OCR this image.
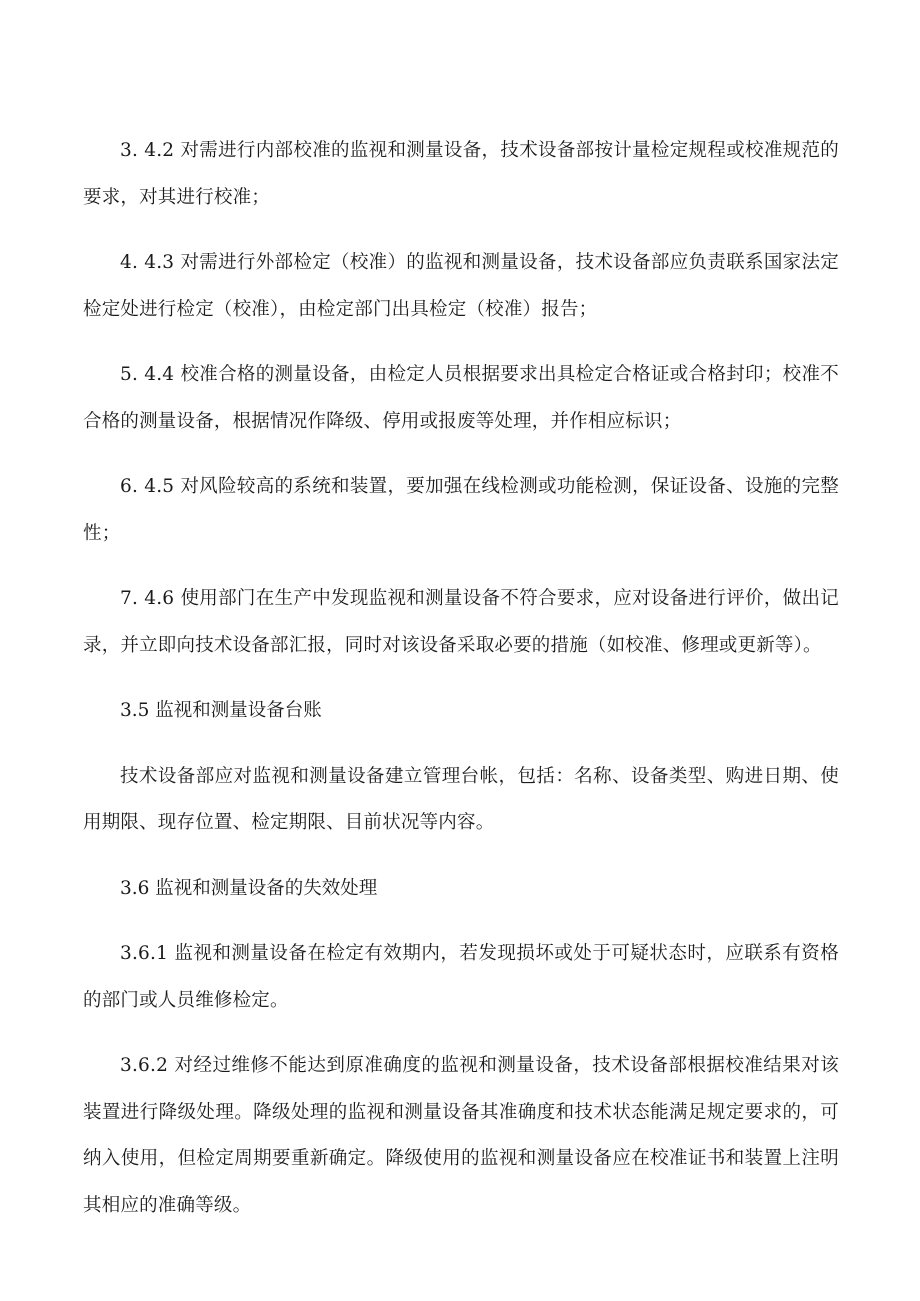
3. 4.2 对需进行内部校准的监视和测量设备，技术设备部按计量检定规程或校准规范的要求，对其进行校准；

4. 4.3 对需进行外部检定（校准）的监视和测量设备，技术设备部应负责联系国家法定检定处进行检定（校准），由检定部门出具检定（校准）报告；

5. 4.4 校准合格的测量设备，由检定人员根据要求出具检定合格证或合格封印；校准不合格的测量设备，根据情况作降级、停用或报废等处理，并作相应标识；

6. 4.5 对风险较高的系统和装置，要加强在线检测或功能检测，保证设备、设施的完整性；

7. 4.6 使用部门在生产中发现监视和测量设备不符合要求，应对设备进行评价，做出记录，并立即向技术设备部汇报，同时对该设备采取必要的措施（如校准、修理或更新等）。

3.5 监视和测量设备台账

技术设备部应对监视和测量设备建立管理台帐，包括：名称、设备类型、购进日期、使用期限、现存位置、检定期限、目前状况等内容。

3.6 监视和测量设备的失效处理

3.6.1 监视和测量设备在检定有效期内，若发现损坏或处于可疑状态时，应联系有资格的部门或人员维修检定。

3.6.2 对经过维修不能达到原准确度的监视和测量设备，技术设备部根据校准结果对该装置进行降级处理。降级处理的监视和测量设备其准确度和技术状态能满足规定要求的，可纳入使用，但检定周期要重新确定。降级使用的监视和测量设备应在校准证书和装置上注明其相应的准确等级。
